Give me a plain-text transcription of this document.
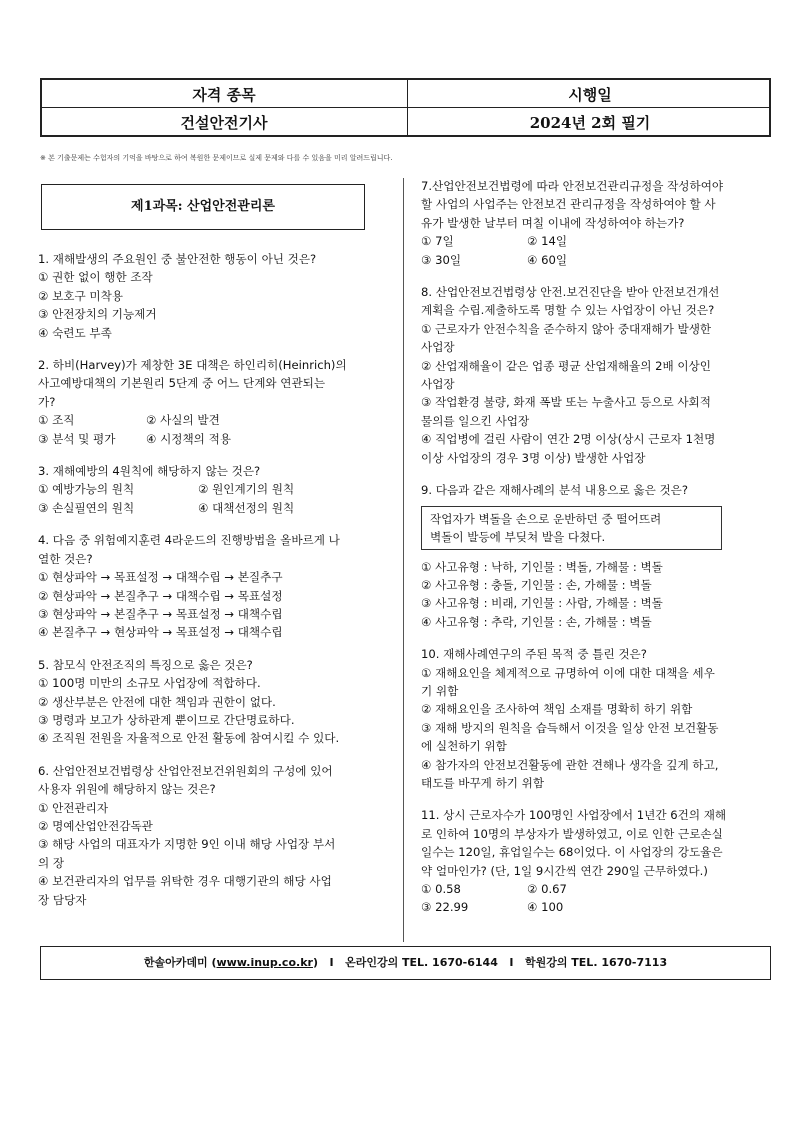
자격 종목	시행일
건설안전기사	2024년 2회 필기
※ 본 기출문제는 수험자의 기억을 바탕으로 하여 복원한 문제이므로 실제 문제와 다를 수 있음을 미리 알려드립니다.
제1과목: 산업안전관리론
1. 재해발생의 주요원인 중 불안전한 행동이 아닌 것은?
① 권한 없이 행한 조작
② 보호구 미착용
③ 안전장치의 기능제거
④ 숙련도 부족
2. 하비(Harvey)가 제창한 3E 대책은 하인리히(Heinrich)의
사고예방대책의 기본원리 5단계 중 어느 단계와 연관되는
가?
① 조직	② 사실의 발견
③ 분석 및 평가	④ 시정책의 적용
3. 재해예방의 4원칙에 해당하지 않는 것은?
① 예방가능의 원칙	② 원인계기의 원칙
③ 손실필연의 원칙	④ 대책선정의 원칙
4. 다음 중 위험예지훈련 4라운드의 진행방법을 올바르게 나
열한 것은?
① 현상파악 → 목표설정 → 대책수립 → 본질추구
② 현상파악 → 본질추구 → 대책수립 → 목표설정
③ 현상파악 → 본질추구 → 목표설정 → 대책수립
④ 본질추구 → 현상파악 → 목표설정 → 대책수립
5. 참모식 안전조직의 특징으로 옳은 것은?
① 100명 미만의 소규모 사업장에 적합하다.
② 생산부분은 안전에 대한 책임과 권한이 없다.
③ 명령과 보고가 상하관계 뿐이므로 간단명료하다.
④ 조직원 전원을 자율적으로 안전 활동에 참여시킬 수 있다.
6. 산업안전보건법령상 산업안전보건위원회의 구성에 있어
사용자 위원에 해당하지 않는 것은?
① 안전관리자
② 명예산업안전감독관
③ 해당 사업의 대표자가 지명한 9인 이내 해당 사업장 부서
의 장
④ 보건관리자의 업무를 위탁한 경우 대행기관의 해당 사업
장 담당자
7.산업안전보건법령에 따라 안전보건관리규정을 작성하여야
할 사업의 사업주는 안전보건 관리규정을 작성하여야 할 사
유가 발생한 날부터 며칠 이내에 작성하여야 하는가?
① 7일	② 14일
③ 30일	④ 60일
8. 산업안전보건법령상 안전.보건진단을 받아 안전보건개선
계획을 수립.제출하도록 명할 수 있는 사업장이 아닌 것은?
① 근로자가 안전수칙을 준수하지 않아 중대재해가 발생한
사업장
② 산업재해율이 같은 업종 평균 산업재해율의 2배 이상인
사업장
③ 작업환경 불량, 화재 폭발 또는 누출사고 등으로 사회적
물의를 일으킨 사업장
④ 직업병에 걸린 사람이 연간 2명 이상(상시 근로자 1천명
이상 사업장의 경우 3명 이상) 발생한 사업장
9. 다음과 같은 재해사례의 분석 내용으로 옳은 것은?
작업자가 벽돌을 손으로 운반하던 중 떨어뜨려
벽돌이 발등에 부딪쳐 발을 다쳤다.
① 사고유형 : 낙하, 기인물 : 벽돌, 가해물 : 벽돌
② 사고유형 : 충돌, 기인물 : 손, 가해물 : 벽돌
③ 사고유형 : 비래, 기인물 : 사람, 가해물 : 벽돌
④ 사고유형 : 추락, 기인물 : 손, 가해물 : 벽돌
10. 재해사례연구의 주된 목적 중 틀린 것은?
① 재해요인을 체계적으로 규명하여 이에 대한 대책을 세우
기 위함
② 재해요인을 조사하여 책임 소재를 명확히 하기 위함
③ 재해 방지의 원칙을 습득해서 이것을 일상 안전 보건활동
에 실천하기 위함
④ 참가자의 안전보건활동에 관한 견해나 생각을 깊게 하고,
태도를 바꾸게 하기 위함
11. 상시 근로자수가 100명인 사업장에서 1년간 6건의 재해
로 인하여 10명의 부상자가 발생하였고, 이로 인한 근로손실
일수는 120일, 휴업일수는 68이었다. 이 사업장의 강도율은
약 얼마인가? (단, 1일 9시간씩 연간 290일 근무하였다.)
① 0.58	② 0.67
③ 22.99	④ 100
한솔아카데미 (www.inup.co.kr)   I 온라인강의 TEL. 1670-6144 I 학원강의 TEL. 1670-7113
